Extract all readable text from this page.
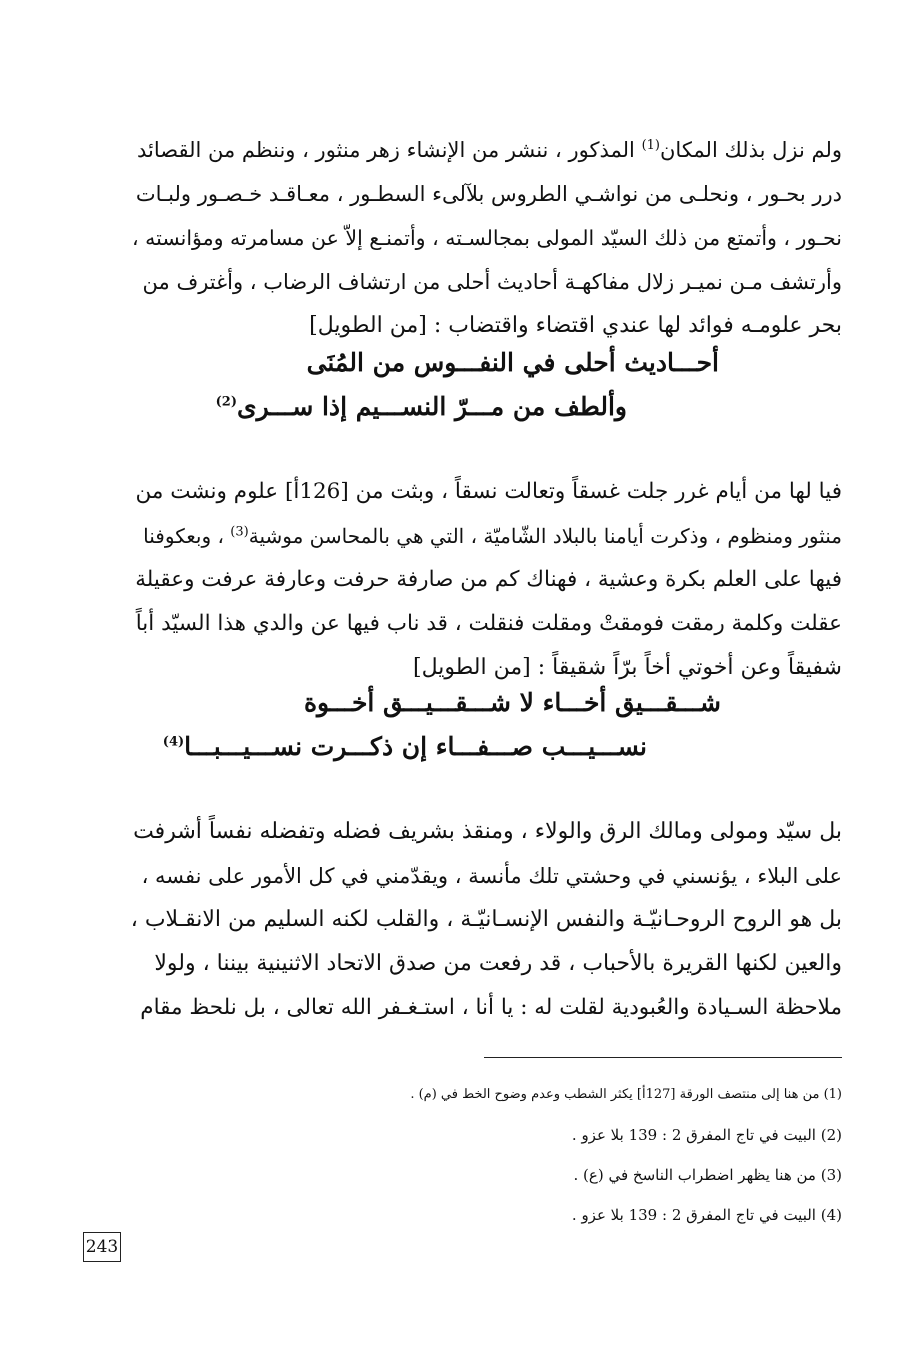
ولم نزل بذلك المكان$^{(1)}$ المذكور ، ننشر من الإنشاء زهر منثور ، وننظم من القصائد
درر بحـور ، ونحلـى من نواشـي الطروس بلآلىء السطـور ، معـاقـد خـصـور ولبـات
نحـور ، وأتمتع من ذلك السيّد المولى بمجالسـته ، وأتمنـع إلاّ عن مسامرته ومؤانسته ،
وأرتشف مـن نميـر زلال مفاكهـة أحاديث أحلى من ارتشاف الرضاب ، وأغترف من
بحر علومـه فوائد لها عندي اقتضاء واقتضاب : [من الطويل]
أحـــاديث أحلى في النفـــوس من المُنَى
وألطف من مـــرّ النســـيم إذا ســـرى$^{(2)}$
فيا لها من أيام غرر جلت غسقاً وتعالت نسقاً ، وبثت من [126أ] علوم ونشت من
منثور ومنظوم ، وذكرت أيامنا بالبلاد الشّاميّة ، التي هي بالمحاسن موشية$^{(3)}$ ، وبعكوفنا
فيها على العلم بكرة وعشية ، فهناك كم من صارفة حرفت وعارفة عرفت وعقيلة
عقلت وكلمة رمقت فومقتْ ومقلت فنقلت ، قد ناب فيها عن والدي هذا السيّد أباً
شفيقاً وعن أخوتي أخاً برّاً شقيقاً : [من الطويل]
شـــقـــيق أخـــاء لا شـــقـــيـــق أخـــوة
نســـيـــب صـــفـــاء إن ذكـــرت نســـيـــبـــا$^{(4)}$
بل سيّد ومولى ومالك الرق والولاء ، ومنقذ بشريف فضله وتفضله نفساً أشرفت
على البلاء ، يؤنسني في وحشتي تلك مأنسة ، ويقدّمني في كل الأمور على نفسه ،
بل هو الروح الروحـانيّـة والنفس الإنسـانيّـة ، والقلب لكنه السليم من الانقـلاب ،
والعين لكنها القريرة بالأحباب ، قد رفعت من صدق الاتحاد الاثنينية بيننا ، ولولا
ملاحظة السـيادة والعُبودية لقلت له : يا أنا ، استـغـفر الله تعالى ، بل نلحظ مقام
(1) من هنا إلى منتصف الورقة [127أ] يكثر الشطب وعدم وضوح الخط في (م) .
(2) البيت في تاج المفرق 2 : 139 بلا عزو .
(3) من هنا يظهر اضطراب الناسخ في (ع) .
(4) البيت في تاج المفرق 2 : 139 بلا عزو .
243
